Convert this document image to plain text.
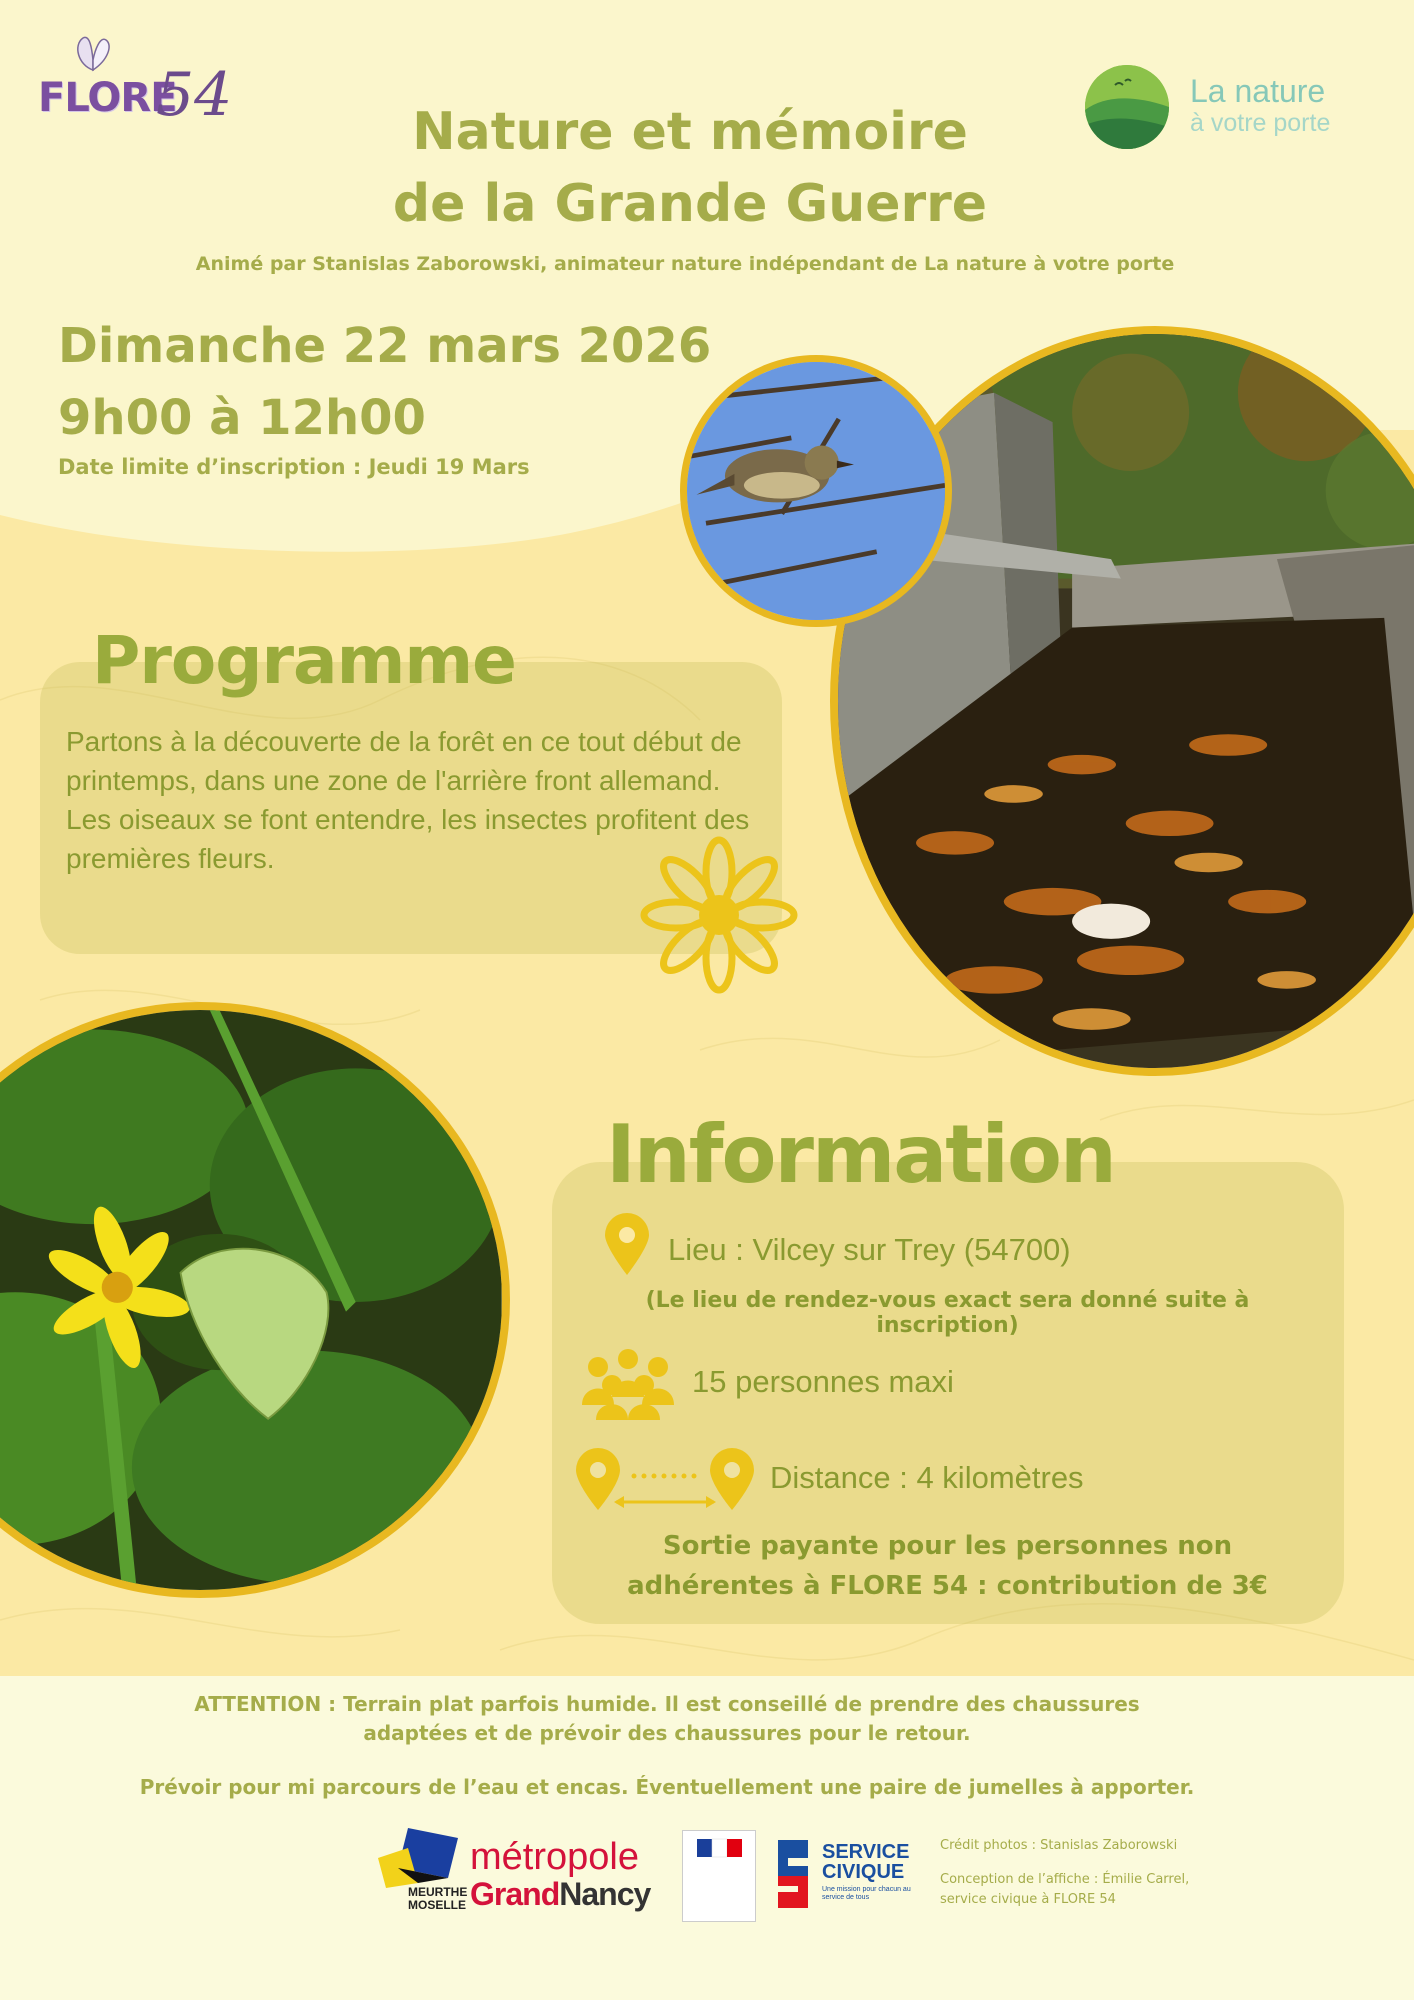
FLORE
54	La nature
à votre porte
Nature et mémoire
de la Grande Guerre
Animé par Stanislas Zaborowski, animateur nature indépendant de La nature à votre porte
Dimanche 22 mars 2026
9h00 à 12h00
Date limite d’inscription : Jeudi 19 Mars
Programme
Partons à la découverte de la forêt en ce tout début de printemps, dans une zone de l'arrière front allemand. Les oiseaux se font entendre, les insectes profitent des premières fleurs.
Information
Lieu : Vilcey sur Trey (54700)
(Le lieu de rendez-vous exact sera donné suite à inscription)
15 personnes maxi
Distance : 4 kilomètres
Sortie payante pour les personnes non
adhérentes à FLORE 54 : contribution de 3€
ATTENTION : Terrain plat parfois humide. Il est conseillé de prendre des chaussures
adaptées et de prévoir des chaussures pour le retour.
Prévoir pour mi parcours de l’eau et encas. Éventuellement une paire de jumelles à apporter.
MEURTHE
MOSELLE
métropole
GrandNancy
SERVICE
CIVIQUE
Une mission pour chacun au service de tous
Crédit photos : Stanislas Zaborowski
Conception de l’affiche : Émilie Carrel,
service civique à FLORE 54
